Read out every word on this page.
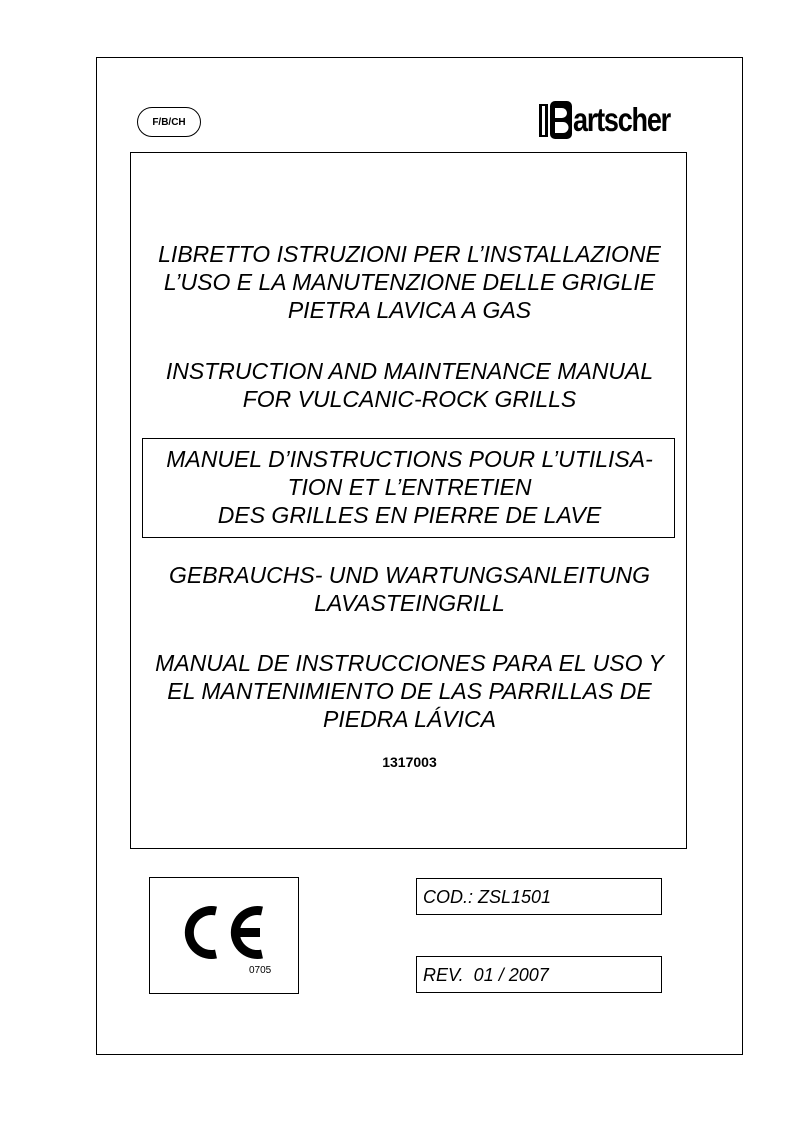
F/B/CH	artscher
LIBRETTO ISTRUZIONI PER L’INSTALLAZIONE
L’USO E LA MANUTENZIONE DELLE GRIGLIE
PIETRA LAVICA A GAS
INSTRUCTION AND MAINTENANCE MANUAL
FOR VULCANIC-ROCK GRILLS
MANUEL D’INSTRUCTIONS POUR L’UTILISA-
TION ET L’ENTRETIEN
DES GRILLES EN PIERRE DE LAVE
GEBRAUCHS- UND WARTUNGSANLEITUNG
LAVASTEINGRILL
MANUAL DE INSTRUCCIONES PARA EL USO Y
EL MANTENIMIENTO DE LAS PARRILLAS DE
PIEDRA LÁVICA
1317003
0705
COD.: ZSL1501
REV.  01 / 2007
